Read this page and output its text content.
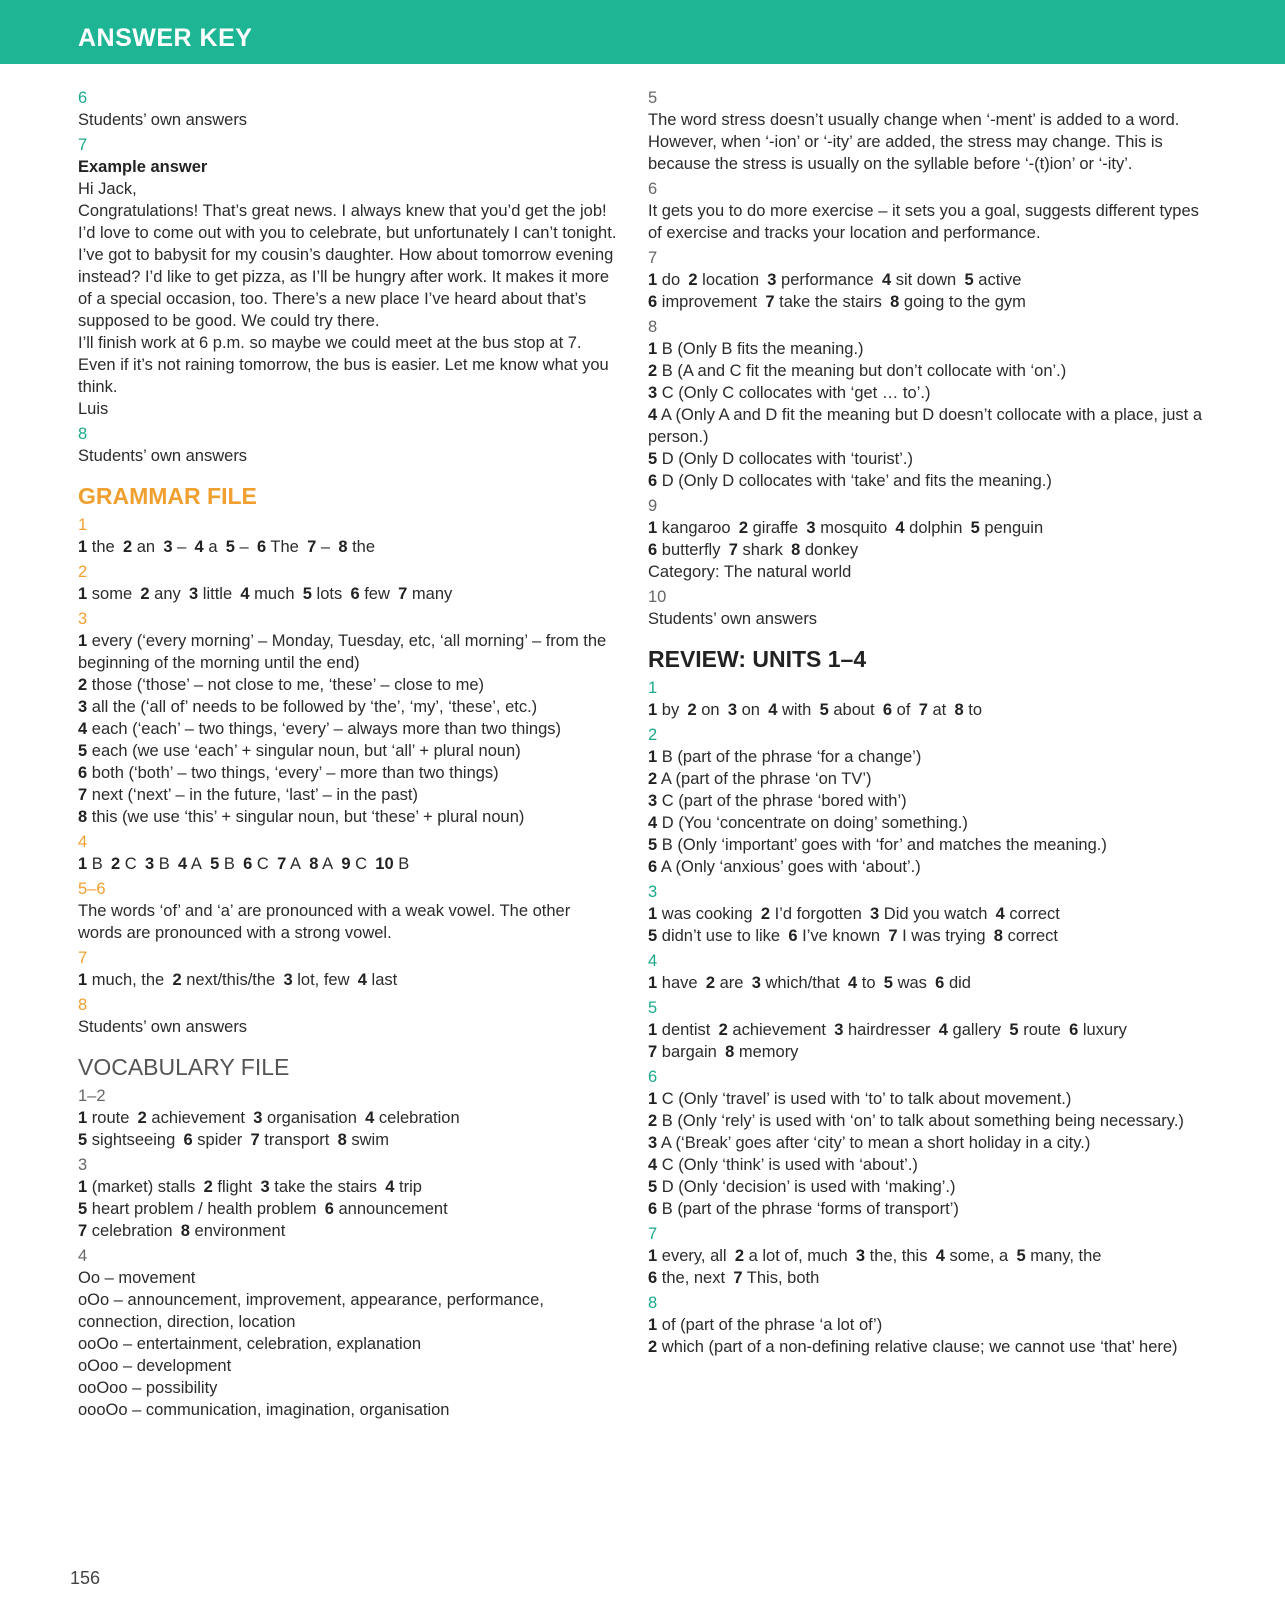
ANSWER KEY
6
Students’ own answers
7
Example answer
Hi Jack,
Congratulations! That’s great news. I always knew that you’d get the job!
I’d love to come out with you to celebrate, but unfortunately I can’t tonight. I’ve got to babysit for my cousin’s daughter. How about tomorrow evening instead? I’d like to get pizza, as I’ll be hungry after work. It makes it more of a special occasion, too. There’s a new place I’ve heard about that’s supposed to be good. We could try there.
I’ll finish work at 6 p.m. so maybe we could meet at the bus stop at 7. Even if it’s not raining tomorrow, the bus is easier. Let me know what you think.
Luis
8
Students’ own answers
GRAMMAR FILE
1
1 the 2 an 3 – 4 a 5 – 6 The 7 – 8 the
2
1 some 2 any 3 little 4 much 5 lots 6 few 7 many
3
1 every (‘every morning’ – Monday, Tuesday, etc, ‘all morning’ – from the beginning of the morning until the end)
2 those (‘those’ – not close to me, ‘these’ – close to me)
3 all the (‘all of’ needs to be followed by ‘the’, ‘my’, ‘these’, etc.)
4 each (‘each’ – two things, ‘every’ – always more than two things)
5 each (we use ‘each’ + singular noun, but ‘all’ + plural noun)
6 both (‘both’ – two things, ‘every’ – more than two things)
7 next (‘next’ – in the future, ‘last’ – in the past)
8 this (we use ‘this’ + singular noun, but ‘these’ + plural noun)
4
1 B 2 C 3 B 4 A 5 B 6 C 7 A 8 A 9 C 10 B
5–6
The words ‘of’ and ‘a’ are pronounced with a weak vowel. The other words are pronounced with a strong vowel.
7
1 much, the 2 next/this/the 3 lot, few 4 last
8
Students’ own answers
VOCABULARY FILE
1–2
1 route 2 achievement 3 organisation 4 celebration
5 sightseeing 6 spider 7 transport 8 swim
3
1 (market) stalls 2 flight 3 take the stairs 4 trip
5 heart problem / health problem 6 announcement
7 celebration 8 environment
4
Oo – movement
oOo – announcement, improvement, appearance, performance, connection, direction, location
ooOo – entertainment, celebration, explanation
oOoo – development
ooOoo – possibility
oooOo – communication, imagination, organisation
5
The word stress doesn’t usually change when ‘-ment’ is added to a word. However, when ‘-ion’ or ‘-ity’ are added, the stress may change. This is because the stress is usually on the syllable before ‘-(t)ion’ or ‘-ity’.
6
It gets you to do more exercise – it sets you a goal, suggests different types of exercise and tracks your location and performance.
7
1 do 2 location 3 performance 4 sit down 5 active
6 improvement 7 take the stairs 8 going to the gym
8
1 B (Only B fits the meaning.)
2 B (A and C fit the meaning but don’t collocate with ‘on’.)
3 C (Only C collocates with ‘get … to’.)
4 A (Only A and D fit the meaning but D doesn’t collocate with a place, just a person.)
5 D (Only D collocates with ‘tourist’.)
6 D (Only D collocates with ‘take’ and fits the meaning.)
9
1 kangaroo 2 giraffe 3 mosquito 4 dolphin 5 penguin
6 butterfly 7 shark 8 donkey
Category: The natural world
10
Students’ own answers
REVIEW: UNITS 1–4
1
1 by 2 on 3 on 4 with 5 about 6 of 7 at 8 to
2
1 B (part of the phrase ‘for a change’)
2 A (part of the phrase ‘on TV’)
3 C (part of the phrase ‘bored with’)
4 D (You ‘concentrate on doing’ something.)
5 B (Only ‘important’ goes with ‘for’ and matches the meaning.)
6 A (Only ‘anxious’ goes with ‘about’.)
3
1 was cooking 2 I’d forgotten 3 Did you watch 4 correct
5 didn’t use to like 6 I’ve known 7 I was trying 8 correct
4
1 have 2 are 3 which/that 4 to 5 was 6 did
5
1 dentist 2 achievement 3 hairdresser 4 gallery 5 route 6 luxury
7 bargain 8 memory
6
1 C (Only ‘travel’ is used with ‘to’ to talk about movement.)
2 B (Only ‘rely’ is used with ‘on’ to talk about something being necessary.)
3 A (‘Break’ goes after ‘city’ to mean a short holiday in a city.)
4 C (Only ‘think’ is used with ‘about’.)
5 D (Only ‘decision’ is used with ‘making’.)
6 B (part of the phrase ‘forms of transport’)
7
1 every, all 2 a lot of, much 3 the, this 4 some, a 5 many, the
6 the, next 7 This, both
8
1 of (part of the phrase ‘a lot of’)
2 which (part of a non-defining relative clause; we cannot use ‘that’ here)
156
